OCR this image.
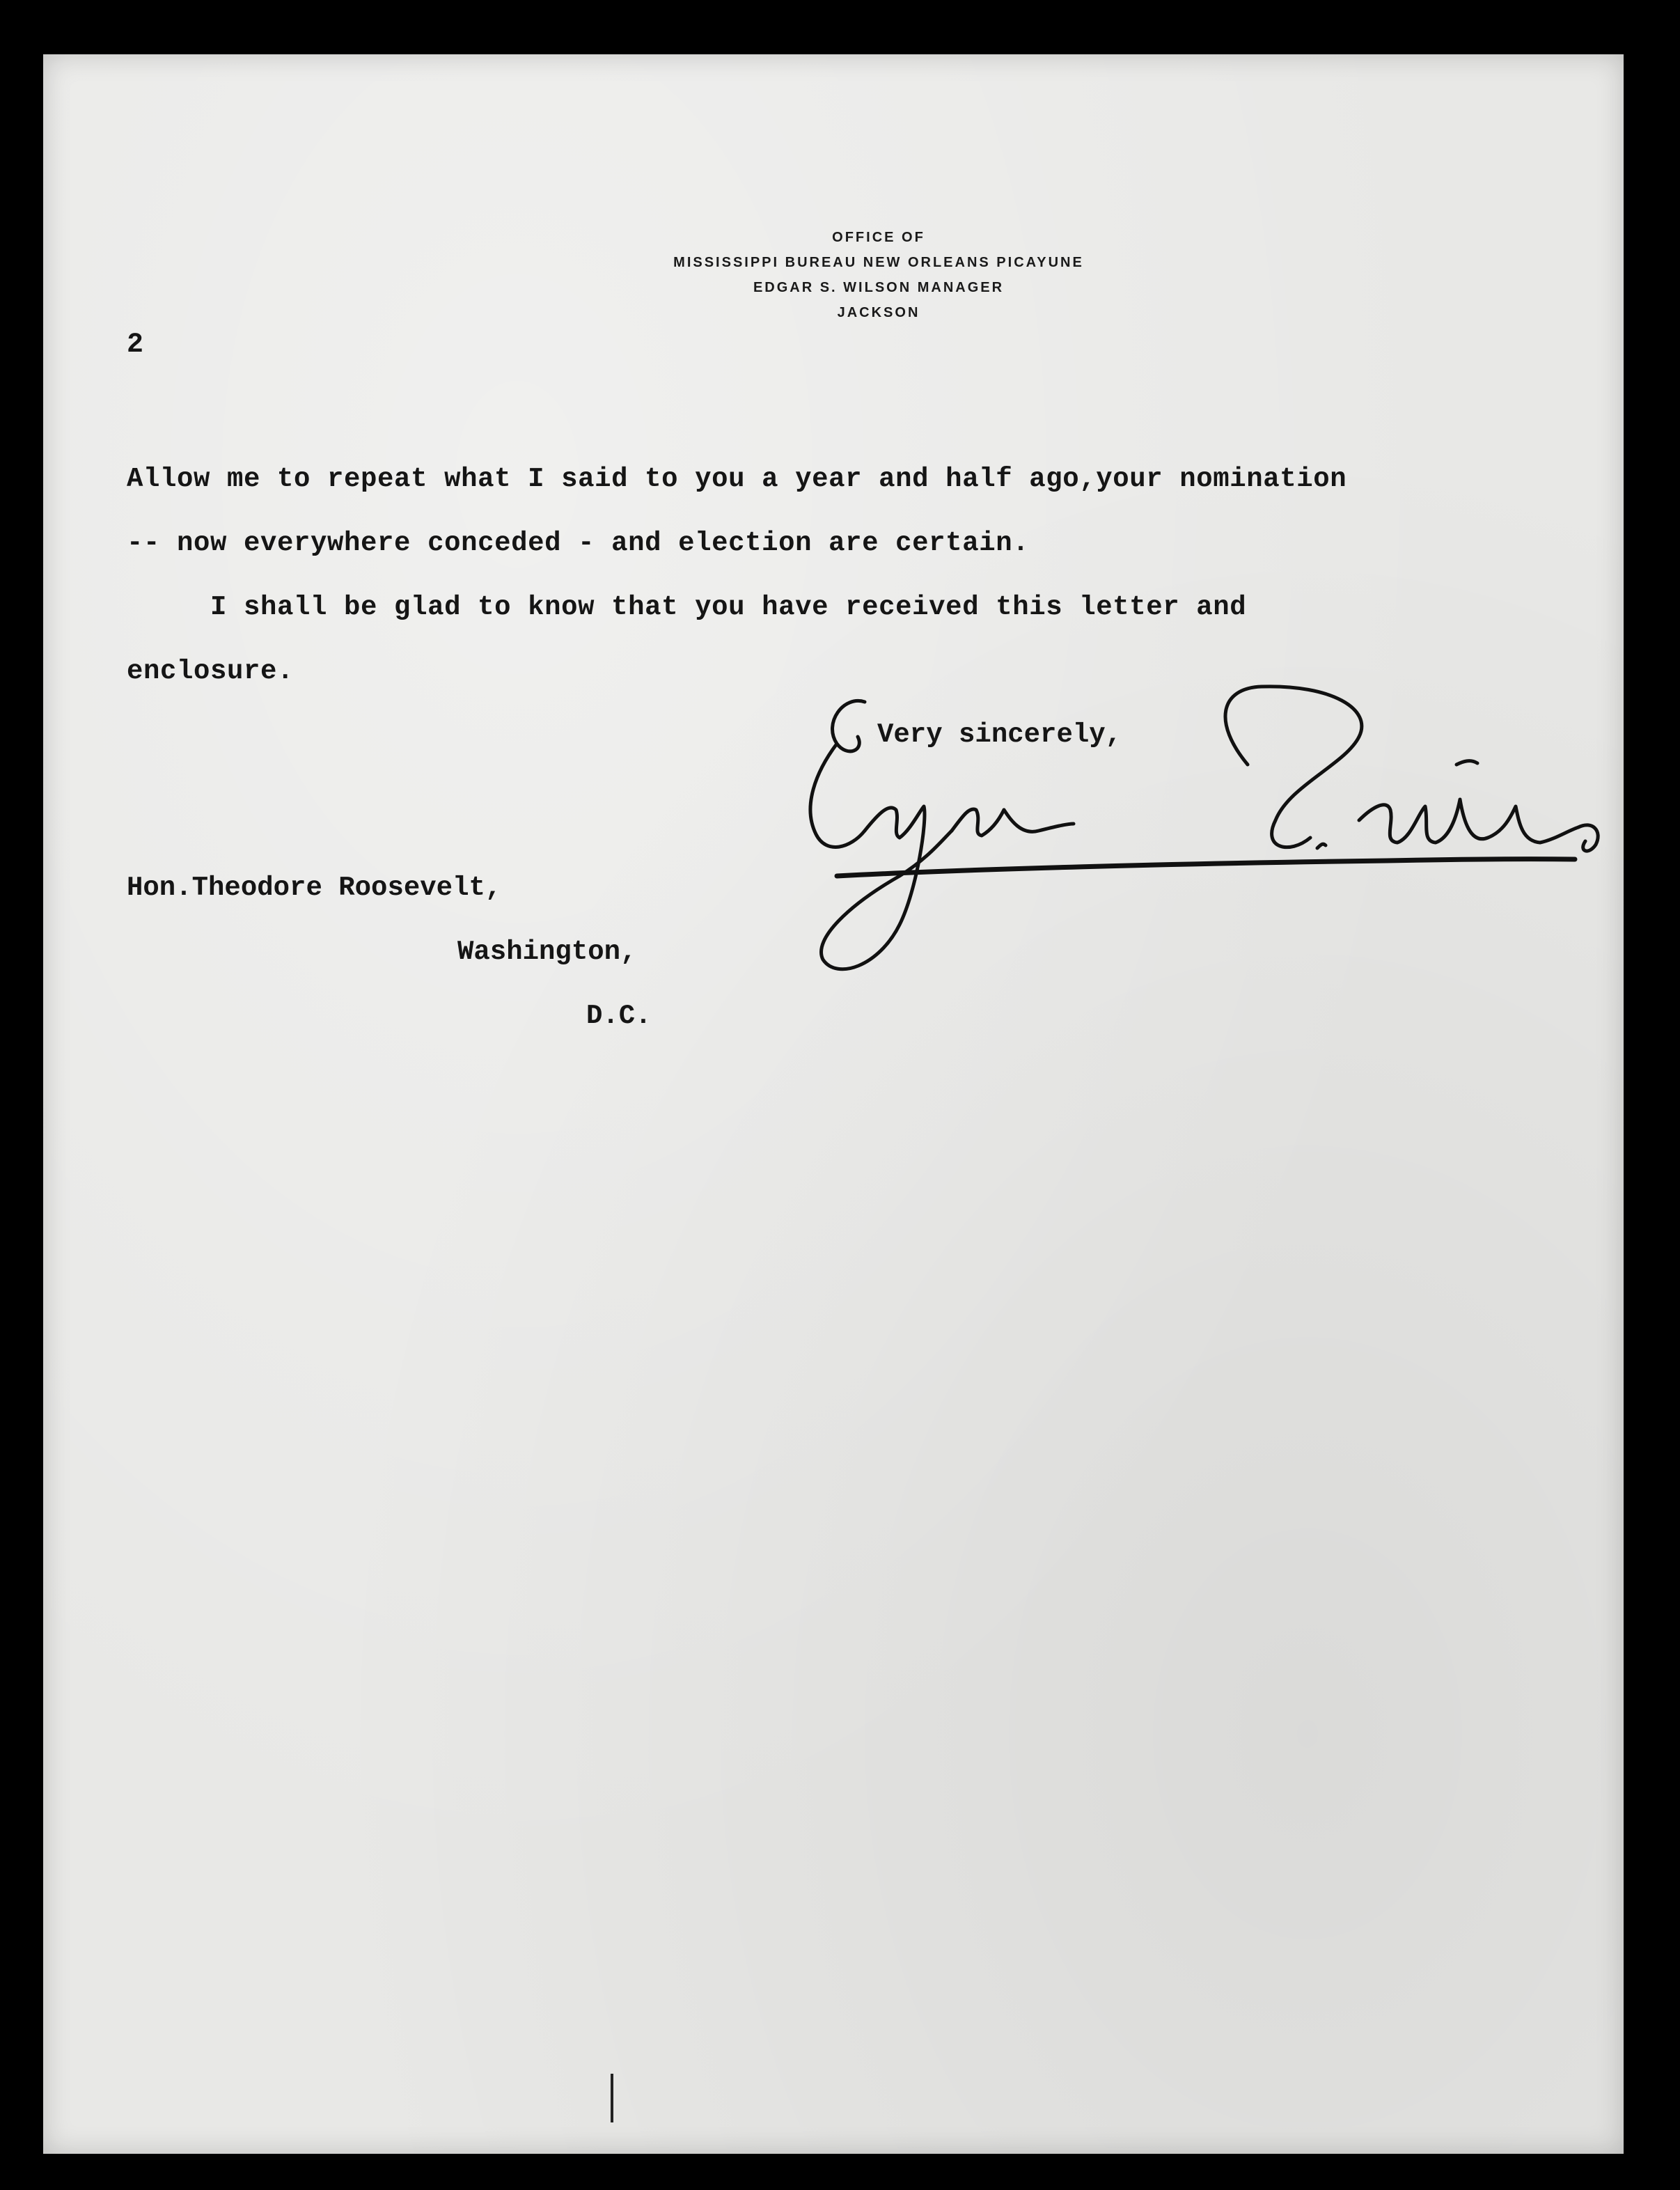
OFFICE OF
MISSISSIPPI BUREAU NEW ORLEANS PICAYUNE
EDGAR S. WILSON MANAGER
JACKSON
2
Allow me to repeat what I said to you a year and half ago,your nomination
-- now everywhere conceded - and election are certain.
I shall be glad to know that you have received this letter and
enclosure.
Very sincerely,
Hon.Theodore Roosevelt,
Washington,
D.C.
